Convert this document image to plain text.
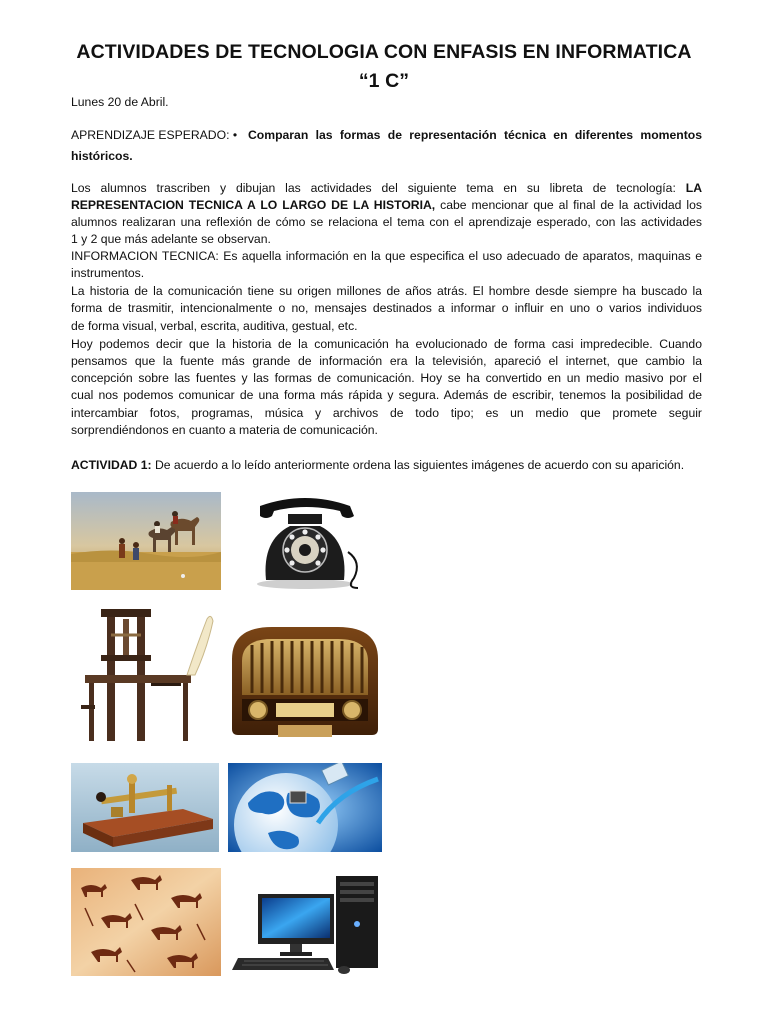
ACTIVIDADES DE TECNOLOGIA CON ENFASIS EN INFORMATICA
“1 C”
Lunes 20 de Abril.
APRENDIZAJE ESPERADO: • Comparan las formas de representación técnica en diferentes momentos
históricos.
Los alumnos trascriben y dibujan las actividades del siguiente tema en su libreta de tecnología: LA
REPRESENTACION TECNICA A LO LARGO DE LA HISTORIA, cabe mencionar que al final de la actividad los
alumnos realizaran una reflexión de cómo se relaciona el tema con el aprendizaje esperado, con las actividades
1 y 2 que más adelante se observan.
INFORMACION TECNICA: Es aquella información en la que especifica el uso adecuado de aparatos, maquinas e
instrumentos.
La historia de la comunicación tiene su origen millones de años atrás. El hombre desde siempre ha buscado la
forma de trasmitir, intencionalmente o no, mensajes destinados a informar o influir en uno o varios individuos
de forma visual, verbal, escrita, auditiva, gestual, etc.
Hoy podemos decir que la historia de la comunicación ha evolucionado de forma casi impredecible. Cuando
pensamos que la fuente más grande de información era la televisión, apareció el internet, que cambio la
concepción sobre las fuentes y las formas de comunicación. Hoy se ha convertido en un medio masivo por el
cual nos podemos comunicar de una forma más rápida y segura. Además de escribir, tenemos la posibilidad de
intercambiar fotos, programas, música y archivos de todo tipo; es un medio que promete seguir
sorprendiéndonos en cuanto a materia de comunicación.
ACTIVIDAD 1: De acuerdo a lo leído anteriormente ordena las siguientes imágenes de acuerdo con su aparición.
